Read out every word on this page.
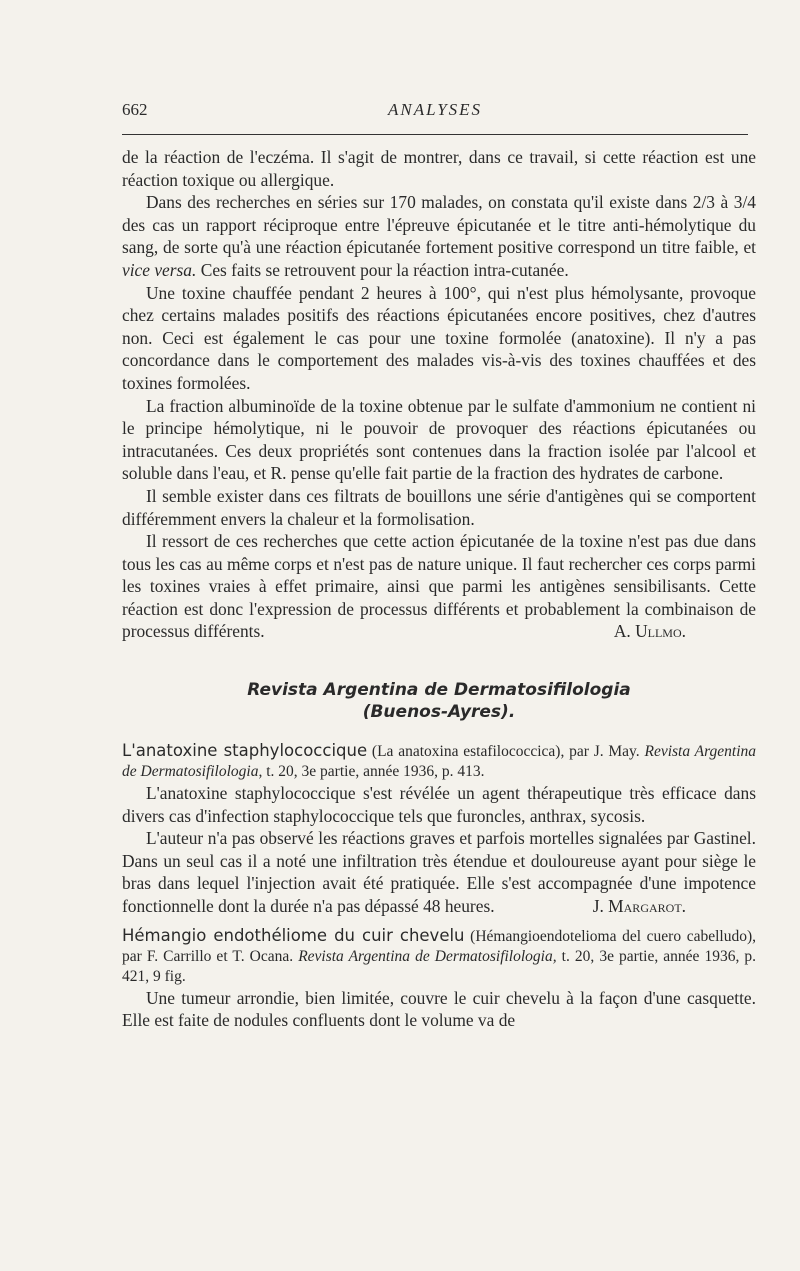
662	ANALYSES

de la réaction de l'eczéma. Il s'agit de montrer, dans ce travail, si cette réaction est une réaction toxique ou allergique.

Dans des recherches en séries sur 170 malades, on constata qu'il existe dans 2/3 à 3/4 des cas un rapport réciproque entre l'épreuve épicutanée et le titre anti-hémolytique du sang, de sorte qu'à une réaction épicutanée fortement positive correspond un titre faible, et vice versa. Ces faits se retrouvent pour la réaction intra-cutanée.

Une toxine chauffée pendant 2 heures à 100°, qui n'est plus hémolysante, provoque chez certains malades positifs des réactions épicutanées encore positives, chez d'autres non. Ceci est également le cas pour une toxine formolée (anatoxine). Il n'y a pas concordance dans le comportement des malades vis-à-vis des toxines chauffées et des toxines formolées.

La fraction albuminoïde de la toxine obtenue par le sulfate d'ammonium ne contient ni le principe hémolytique, ni le pouvoir de provoquer des réactions épicutanées ou intracutanées. Ces deux propriétés sont contenues dans la fraction isolée par l'alcool et soluble dans l'eau, et R. pense qu'elle fait partie de la fraction des hydrates de carbone.

Il semble exister dans ces filtrats de bouillons une série d'antigènes qui se comportent différemment envers la chaleur et la formolisation.

Il ressort de ces recherches que cette action épicutanée de la toxine n'est pas due dans tous les cas au même corps et n'est pas de nature unique. Il faut rechercher ces corps parmi les toxines vraies à effet primaire, ainsi que parmi les antigènes sensibilisants. Cette réaction est donc l'expression de processus différents et probablement la combinaison de processus différents.	A. Ullmo.

Revista Argentina de Dermatosifilologia
(Buenos-Ayres).

L'anatoxine staphylococcique (La anatoxina estafilococcica), par J. May. Revista Argentina de Dermatosifilologia, t. 20, 3e partie, année 1936, p. 413.

L'anatoxine staphylococcique s'est révélée un agent thérapeutique très efficace dans divers cas d'infection staphylococcique tels que furoncles, anthrax, sycosis.

L'auteur n'a pas observé les réactions graves et parfois mortelles signalées par Gastinel. Dans un seul cas il a noté une infiltration très étendue et douloureuse ayant pour siège le bras dans lequel l'injection avait été pratiquée. Elle s'est accompagnée d'une impotence fonctionnelle dont la durée n'a pas dépassé 48 heures.	J. Margarot.

Hémangio endothéliome du cuir chevelu (Hémangioendotelioma del cuero cabelludo), par F. Carrillo et T. Ocana. Revista Argentina de Dermatosifilologia, t. 20, 3e partie, année 1936, p. 421, 9 fig.

Une tumeur arrondie, bien limitée, couvre le cuir chevelu à la façon d'une casquette. Elle est faite de nodules confluents dont le volume va de
